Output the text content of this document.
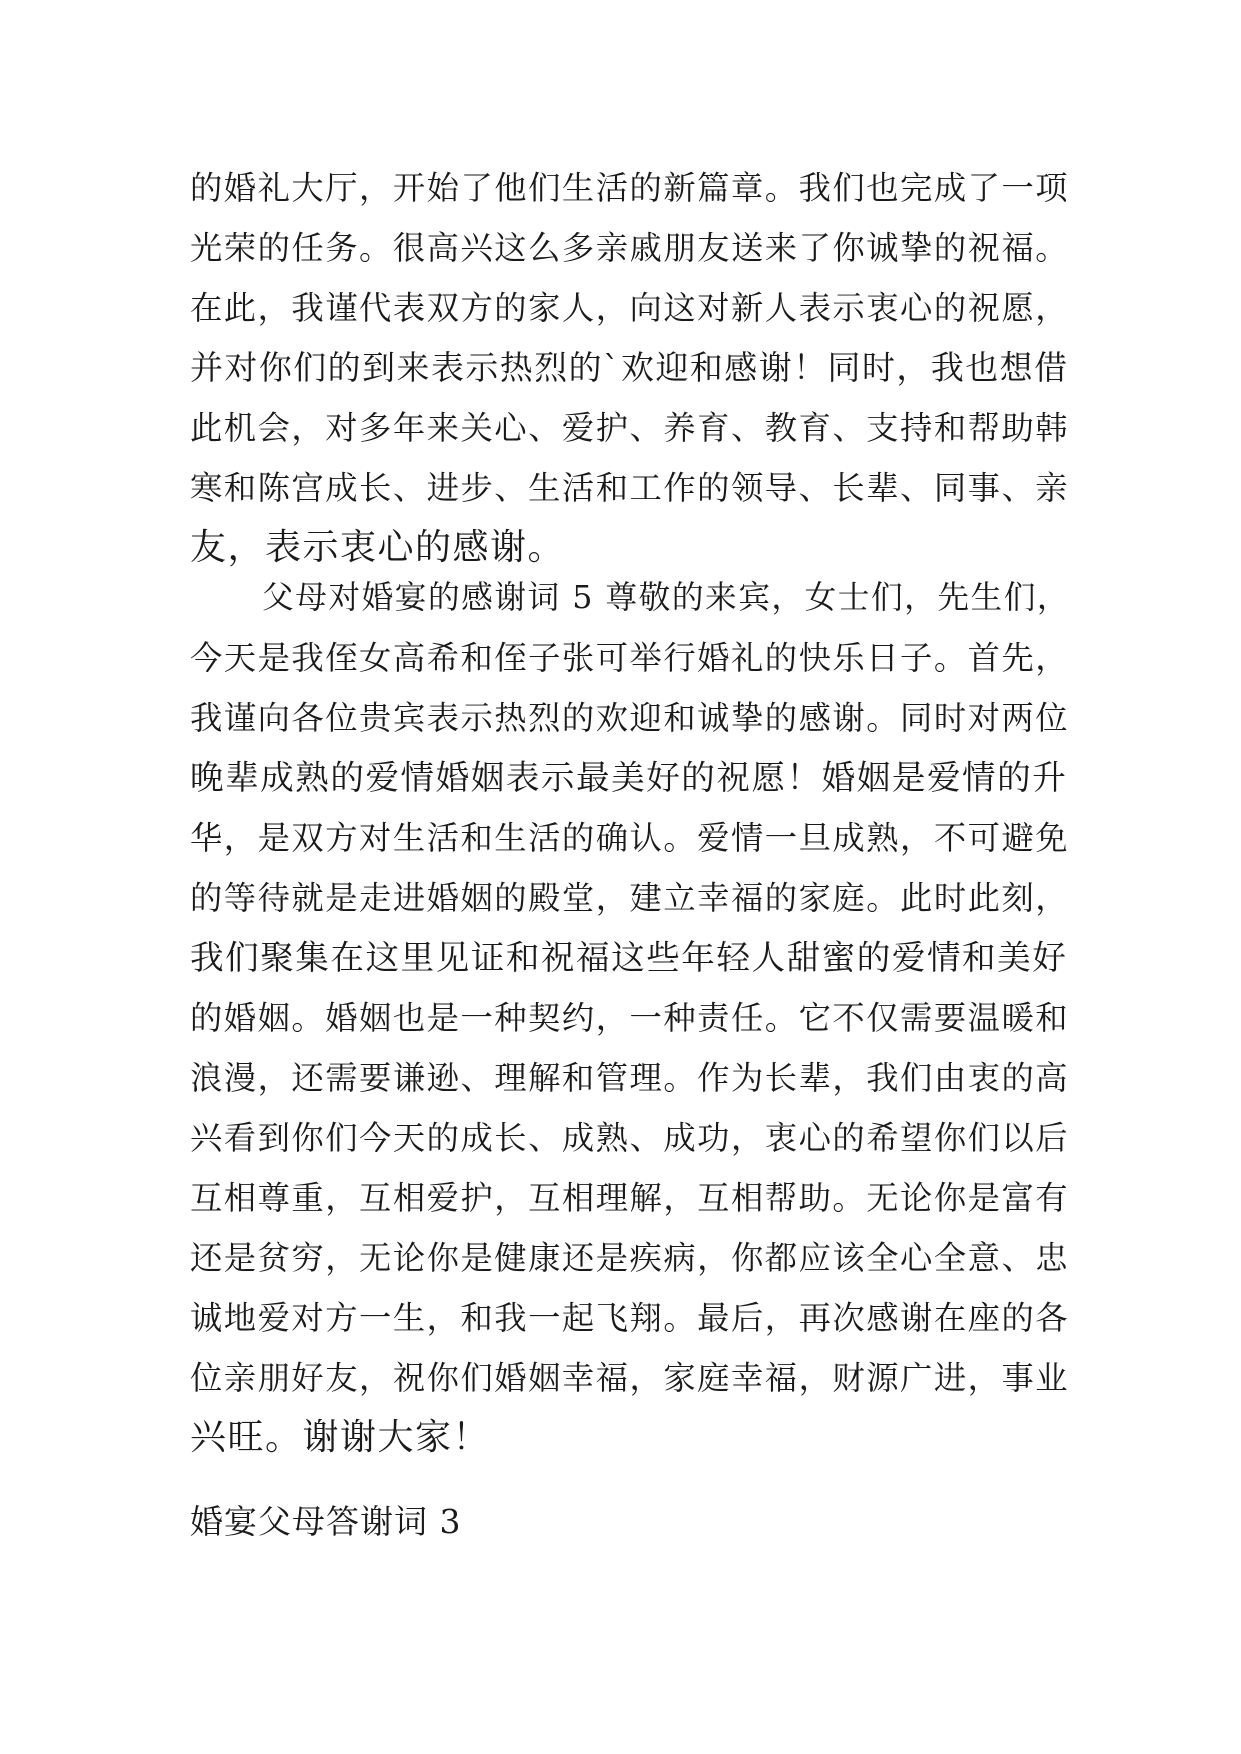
的婚礼大厅，开始了他们生活的新篇章。我们也完成了一项
光荣的任务。很高兴这么多亲戚朋友送来了你诚挚的祝福。
在此，我谨代表双方的家人，向这对新人表示衷心的祝愿，
并对你们的到来表示热烈的`欢迎和感谢！同时，我也想借
此机会，对多年来关心、爱护、养育、教育、支持和帮助韩
寒和陈宫成长、进步、生活和工作的领导、长辈、同事、亲
友，表示衷心的感谢。
父母对婚宴的感谢词 5 尊敬的来宾，女士们，先生们，
今天是我侄女高希和侄子张可举行婚礼的快乐日子。首先，
我谨向各位贵宾表示热烈的欢迎和诚挚的感谢。同时对两位
晚辈成熟的爱情婚姻表示最美好的祝愿！婚姻是爱情的升
华，是双方对生活和生活的确认。爱情一旦成熟，不可避免
的等待就是走进婚姻的殿堂，建立幸福的家庭。此时此刻，
我们聚集在这里见证和祝福这些年轻人甜蜜的爱情和美好
的婚姻。婚姻也是一种契约，一种责任。它不仅需要温暖和
浪漫，还需要谦逊、理解和管理。作为长辈，我们由衷的高
兴看到你们今天的成长、成熟、成功，衷心的希望你们以后
互相尊重，互相爱护，互相理解，互相帮助。无论你是富有
还是贫穷，无论你是健康还是疾病，你都应该全心全意、忠
诚地爱对方一生，和我一起飞翔。最后，再次感谢在座的各
位亲朋好友，祝你们婚姻幸福，家庭幸福，财源广进，事业
兴旺。谢谢大家！
婚宴父母答谢词 3
